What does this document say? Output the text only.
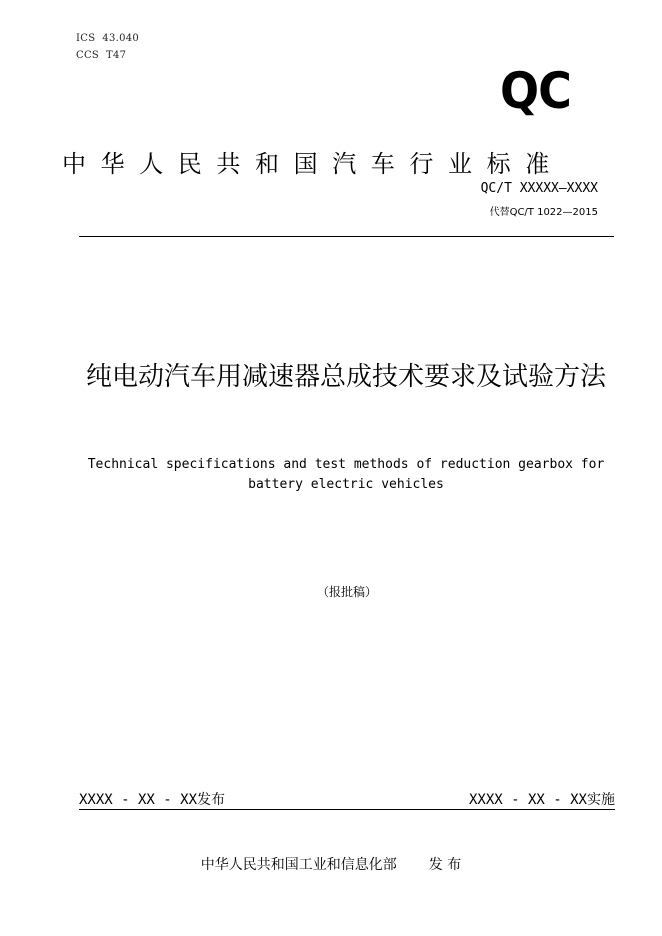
ICS  43.040
CCS  T47
QC
中华人民共和国汽车行业标准
QC/T XXXXX—XXXX
代替QC/T 1022—2015
纯电动汽车用减速器总成技术要求及试验方法
Technical specifications and test methods of reduction gearbox for battery electric vehicles
（报批稿）
XXXX - XX - XX发布	XXXX - XX - XX实施
中华人民共和国工业和信息化部 发 布
